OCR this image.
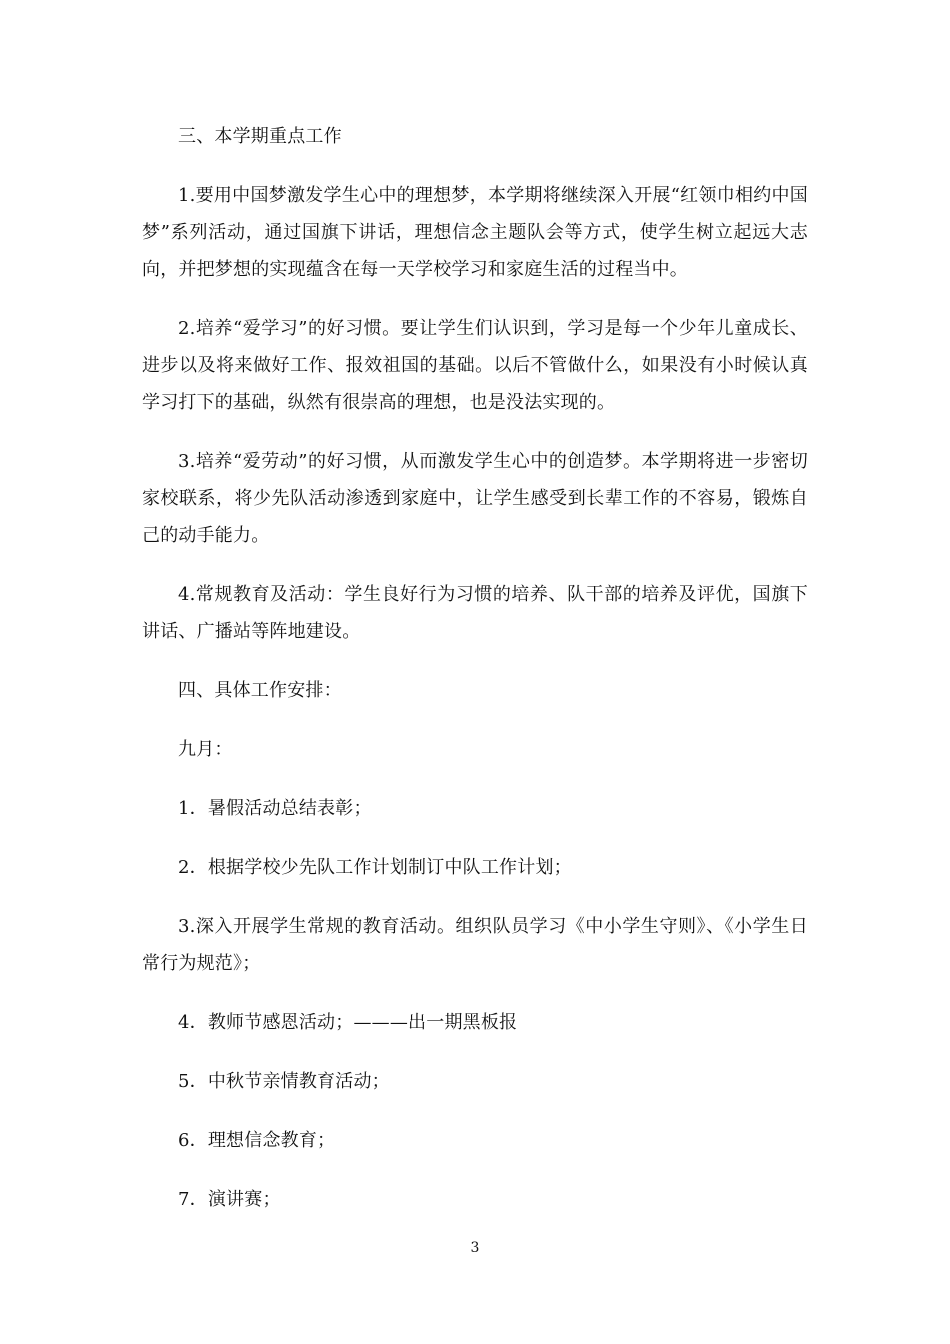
三、本学期重点工作

1.要用中国梦激发学生心中的理想梦，本学期将继续深入开展“红领巾相约中国梦”系列活动，通过国旗下讲话，理想信念主题队会等方式，使学生树立起远大志向，并把梦想的实现蕴含在每一天学校学习和家庭生活的过程当中。

2.培养“爱学习”的好习惯。要让学生们认识到，学习是每一个少年儿童成长、进步以及将来做好工作、报效祖国的基础。以后不管做什么，如果没有小时候认真学习打下的基础，纵然有很崇高的理想，也是没法实现的。

3.培养“爱劳动”的好习惯，从而激发学生心中的创造梦。本学期将进一步密切家校联系，将少先队活动渗透到家庭中，让学生感受到长辈工作的不容易，锻炼自己的动手能力。

4.常规教育及活动：学生良好行为习惯的培养、队干部的培养及评优，国旗下讲话、广播站等阵地建设。

四、具体工作安排：

九月：

1．暑假活动总结表彰；

2．根据学校少先队工作计划制订中队工作计划；

3.深入开展学生常规的教育活动。组织队员学习《中小学生守则》、《小学生日常行为规范》；

4．教师节感恩活动；———出一期黑板报

5．中秋节亲情教育活动；

6．理想信念教育；

7．演讲赛；

3
